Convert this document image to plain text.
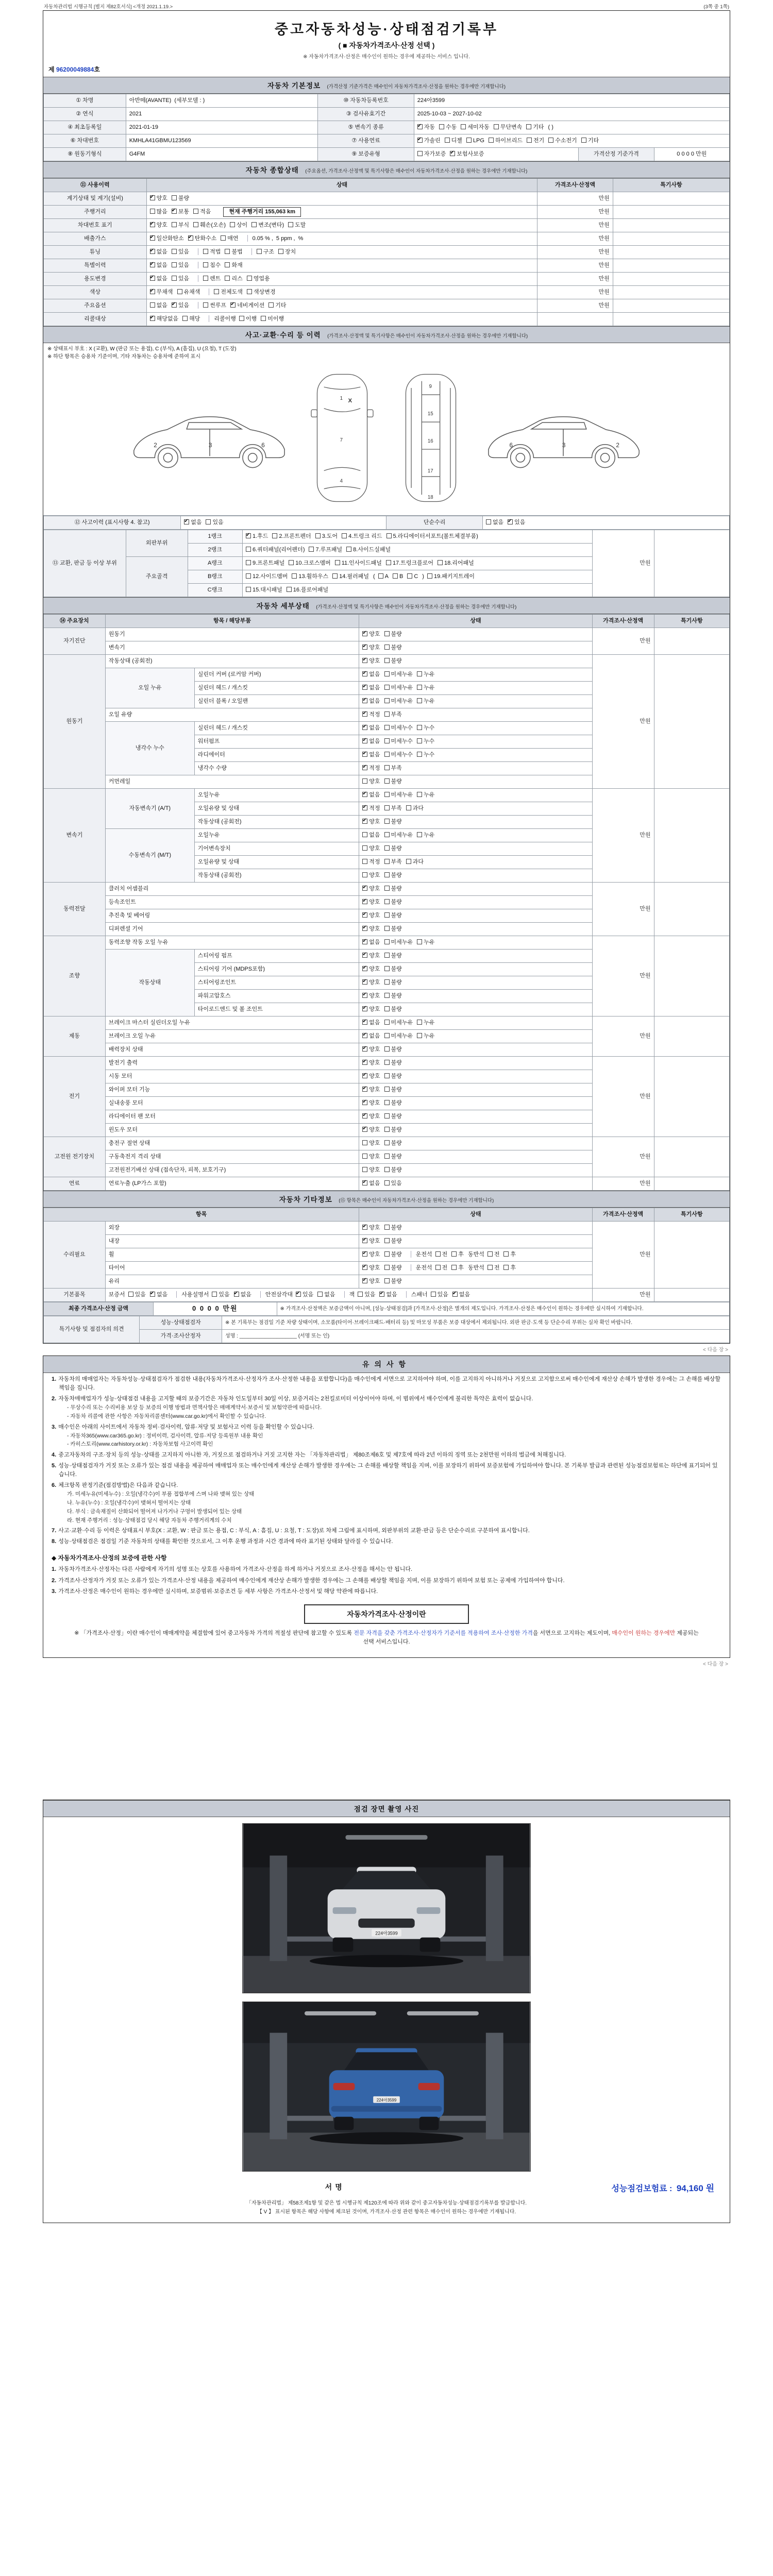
자동차관리법 시행규칙 [별지 제82호서식] <개정 2021.1.19.>	(3쪽 중 1쪽)
중고자동차성능·상태점검기록부
( ■ 자동차가격조사·산정 선택 )
※ 자동차가격조사·산정은 매수인이 원하는 경우에 제공하는 서비스 입니다.
제 96200049884호
자동차 기본정보 (가격산정 기준가격은 매수인이 자동차가격조사·산정을 원하는 경우에만 기재합니다)
① 차명	아반떼(AVANTE) (세부모델 : )	⑩ 자동차등록번호	224아3599		
② 연식	2021	③ 검사유효기간	2025-10-03 ~ 2027-10-02		
④ 최초등록일	2021-01-19	⑤ 변속기 종류	✔자동 수동 세미자동 무단변속 기타 ( )
⑥ 차대번호	KMHLA41GBMU123569	⑦ 사용연료	✔가솔린 디젤 LPG 하이브리드 전기 수소전기 기타
⑧ 원동기형식	G4FM	⑨ 보증유형	자가보증 ✔ 보험사보증	가격산정 기준가격	0 0 0 0 만원
자동차 종합상태 (주요옵션, 가격조사·산정액 및 특기사항은 매수인이 자동차가격조사·산정을 원하는 경우에만 기재합니다)
⑪ 사용이력	상태	가격조사·산정액	특기사항
계기상태 및 계기(설비)	✔양호 불량	만원	
주행거리	많음 ✔ 보통 적음 현재 주행거리 155,063 km	만원	
차대번호 표기	✔양호 부식 훼손(오손) 상이 변조(변타) 도말	만원	
배출가스	✔일산화탄소 ✔ 탄화수소 매연 0.05 % , 5 ppm , %	만원	
튜닝	✔없음 있음 적법 불법 구조 장치	만원	
특별이력	✔없음 있음 침수 화재	만원	
용도변경	✔없음 있음 렌트 리스 영업용	만원	
색상	✔무채색 유채색 전체도색 색상변경	만원	
주요옵션	없음 ✔ 있음 썬루프 ✔ 네비게이션 기타	만원	
리콜대상	✔해당없음 해당 리콜이행 이행 미이행		
사고·교환·수리 등 이력 (가격조사·산정액 및 특기사항은 매수인이 자동차가격조사·산정을 원하는 경우에만 기재합니다)
※ 상태표시 부호 : X (교환), W (판금 또는 용접), C (부식), A (흠집), U (요철), T (도장)
※ 하단 항목은 승용차 기준이며, 기타 자동차는 승용차에 준하여 표시
2	3	6
1 X
7
4
9
15
16
17
18
6	3	2
⑫ 사고이력 (표시사항 4. 참고)	✔없음 있음	단순수리	없음 ✔ 있음
⑬ 교환, 판금 등 이상 부위	외판부위	1랭크	✔1.후드 2.프론트펜더 3.도어 4.트렁크 리드 5.라디에이터서포트(볼트체결부품)	만원	
		2랭크	6.쿼터패널(리어펜더) 7.루프패널 8.사이드실패널		
	주요골격	A랭크	9.프론트패널 10.크로스멤버 11.인사이드패널 17.트렁크플로어 18.리어패널		
		B랭크	12.사이드멤버 13.휠하우스 14.필러패널 ( A B C ) 19.패키지트레이		
		C랭크	15.대시패널 16.플로어패널		
자동차 세부상태 (가격조사·산정액 및 특기사항은 매수인이 자동차가격조사·산정을 원하는 경우에만 기재합니다)
⑭ 주요장치	항목 / 해당부품		상태	가격조사·산정액	특기사항
자기진단	원동기	✔양호 불량	만원	
	변속기	✔양호 불량
원동기	작동상태 (공회전)	✔양호 불량	만원	
	오일 누유	실린더 커버 (로커암 커버)	✔없음 미세누유 누유
		실린더 헤드 / 개스킷	✔없음 미세누유 누유
		실린더 블록 / 오일팬	✔없음 미세누유 누유
	오일 유량	✔적정 부족
	냉각수 누수	실린더 헤드 / 개스킷	✔없음 미세누수 누수
		워터펌프	✔없음 미세누수 누수
		라디에이터	✔없음 미세누수 누수
		냉각수 수량	✔적정 부족
	커먼레일		양호 불량		
변속기	자동변속기 (A/T)	오일누유	✔없음 미세누유 누유	만원	
		오일유량 및 상태	✔적정 부족 과다
		작동상태 (공회전)	✔양호 불량
	수동변속기 (M/T)	오일누유	없음 미세누유 누유		
		기어변속장치	양호 불량		
		오일유량 및 상태	적정 부족 과다		
		작동상태 (공회전)	양호 불량		
동력전달	클러치 어셈블리	✔양호 불량	만원	
	등속조인트	✔양호 불량
	추진축 및 베어링	✔양호 불량
	디퍼렌셜 기어	✔양호 불량
조향	동력조향 작동 오일 누유	✔없음 미세누유 누유	만원	
	작동상태	스티어링 펌프	✔양호 불량
		스티어링 기어 (MDPS포함)	✔양호 불량
		스티어링조인트	✔양호 불량
		파워고압호스	✔양호 불량
		타이로드엔드 및 볼 조인트	✔양호 불량
제동	브레이크 마스터 실린더오일 누유	✔없음 미세누유 누유	만원	
	브레이크 오일 누유	✔없음 미세누유 누유
	배력장치 상태	✔양호 불량
전기	발전기 출력	✔양호 불량	만원	
	시동 모터	✔양호 불량
	와이퍼 모터 기능	✔양호 불량
	실내송풍 모터	✔양호 불량
	라디에이터 팬 모터	✔양호 불량
	윈도우 모터	✔양호 불량
고전원 전기장치	충전구 절연 상태		양호 불량	만원	
	구동축전지 격리 상태		양호 불량		
	고전원전기배선 상태 (접속단자, 피복, 보호기구)		양호 불량		
연료	연료누출 (LP가스 포함)	✔없음 있음	만원	
자동차 기타정보 (⑮ 항목은 매수인이 자동차가격조사·산정을 원하는 경우에만 기재합니다)
항목		상태	가격조사·산정액	특기사항
수리필요	외장	✔양호 불량	만원	
	내장	✔양호 불량
	휠	✔양호 불량 운전석 전 후 동반석 전 후
	타이어	✔양호 불량 운전석 전 후 동반석 전 후
	유리	✔양호 불량
기본품목	보증서 있음 ✔ 없음 사용설명서 있음 ✔ 없음 안전삼각대 ✔ 있음 없음 잭 있음 ✔ 없음 스패너 있음 ✔ 없음		만원	
최종 가격조사·산정 금액	0 0 0 0 만원	※ 가격조사·산정액은 보증금액이 아니며, [성능·상태점검]과 [가격조사·산정]은 별개의 제도입니다. 가격조사·산정은 매수인이 원하는 경우에만 실시하여 기재합니다.
특기사항 및 점검자의 의견	성능·상태점검자	※ 본 기록부는 점검일 기준 차량 상태이며, 소모품(타이어·브레이크패드·배터리 등) 및 마모성 부품은 보증 대상에서 제외됩니다. 외판 판금·도색 등 단순수리 부위는 실차 확인 바랍니다.
	가격·조사산정자	성명 : ____________________ (서명 또는 인)
< 다음 장 >
유의사항
1. 자동차의 매매업자는 자동차성능·상태점검자가 점검한 내용(자동차가격조사·산정자가 조사·산정한 내용을 포함합니다)을 매수인에게 서면으로 고지하여야 하며, 이를 고지하지 아니하거나 거짓으로 고지함으로써 매수인에게 재산상 손해가 발생한 경우에는 그 손해를 배상할 책임을 집니다.
2. 자동차매매업자가 성능·상태점검 내용을 고지할 때의 보증기간은 자동차 인도일부터 30일 이상, 보증거리는 2천킬로미터 이상이어야 하며, 이 범위에서 매수인에게 불리한 특약은 효력이 없습니다.
- 무상수리 또는 수리비용 보상 등 보증의 이행 방법과 면책사항은 매매계약서·보증서 및 보험약관에 따릅니다.
- 자동차 리콜에 관한 사항은 자동차리콜센터(www.car.go.kr)에서 확인할 수 있습니다.
3. 매수인은 아래의 사이트에서 자동차 정비·검사이력, 압류·저당 및 보험사고 이력 등을 확인할 수 있습니다.
- 자동차365(www.car365.go.kr) : 정비이력, 검사이력, 압류·저당 등록원부 내용 확인
- 카히스토리(www.carhistory.or.kr) : 자동차보험 사고이력 확인
4. 중고자동차의 구조·장치 등의 성능·상태를 고지하지 아니한 자, 거짓으로 점검하거나 거짓 고지한 자는 「자동차관리법」 제80조제6호 및 제7호에 따라 2년 이하의 징역 또는 2천만원 이하의 벌금에 처해집니다.
5. 성능·상태점검자가 거짓 또는 오류가 있는 점검 내용을 제공하여 매매업자 또는 매수인에게 재산상 손해가 발생한 경우에는 그 손해를 배상할 책임을 지며, 이를 보장하기 위하여 보증보험에 가입하여야 합니다. 본 기록부 발급과 관련된 성능점검보험료는 하단에 표기되어 있습니다.
6. 체크항목 판정기준(점검방법)은 다음과 같습니다.
가. 미세누유(미세누수) : 오일(냉각수)이 부품 접합부에 스며 나와 맺혀 있는 상태
나. 누유(누수) : 오일(냉각수)이 맺혀서 떨어지는 상태
다. 부식 : 금속재질이 산화되어 떨어져 나가거나 구멍이 발생되어 있는 상태
라. 현재 주행거리 : 성능·상태점검 당시 해당 자동차 주행거리계의 수치
7. 사고·교환·수리 등 이력은 상태표시 부호(X : 교환, W : 판금 또는 용접, C : 부식, A : 흠집, U : 요철, T : 도장)로 차체 그림에 표시하며, 외판부위의 교환·판금 등은 단순수리로 구분하여 표시합니다.
8. 성능·상태점검은 점검일 기준 자동차의 상태를 확인한 것으로서, 그 이후 운행 과정과 시간 경과에 따라 표기된 상태와 달라질 수 있습니다.
◆ 자동차가격조사·산정의 보증에 관한 사항
1. 자동차가격조사·산정자는 다른 사람에게 자기의 성명 또는 상호를 사용하여 가격조사·산정을 하게 하거나 거짓으로 조사·산정을 해서는 안 됩니다.
2. 가격조사·산정자가 거짓 또는 오류가 있는 가격조사·산정 내용을 제공하여 매수인에게 재산상 손해가 발생한 경우에는 그 손해를 배상할 책임을 지며, 이를 보장하기 위하여 보험 또는 공제에 가입하여야 합니다.
3. 가격조사·산정은 매수인이 원하는 경우에만 실시하며, 보증범위·보증조건 등 세부 사항은 가격조사·산정서 및 해당 약관에 따릅니다.
자동차가격조사·산정이란
※ 「가격조사·산정」이란 매수인이 매매계약을 체결함에 있어 중고자동차 가격의 적절성 판단에 참고할 수 있도록 전문 자격을 갖춘 가격조사·산정자가 기준서를 적용하여 조사·산정한 가격을 서면으로 고지하는 제도이며, 매수인이 원하는 경우에만 제공되는 선택 서비스입니다.
< 다음 장 >
점검 장면 촬영 사진
224아3599
224아3599
서명	성능점검보험료 : 94,160 원
「자동차관리법」 제58조제1항 및 같은 법 시행규칙 제120조에 따라 위와 같이 중고자동차성능·상태점검기록부를 발급합니다.
【 V 】 표시된 항목은 해당 사항에 체크된 것이며, 가격조사·산정 관련 항목은 매수인이 원하는 경우에만 기재됩니다.
